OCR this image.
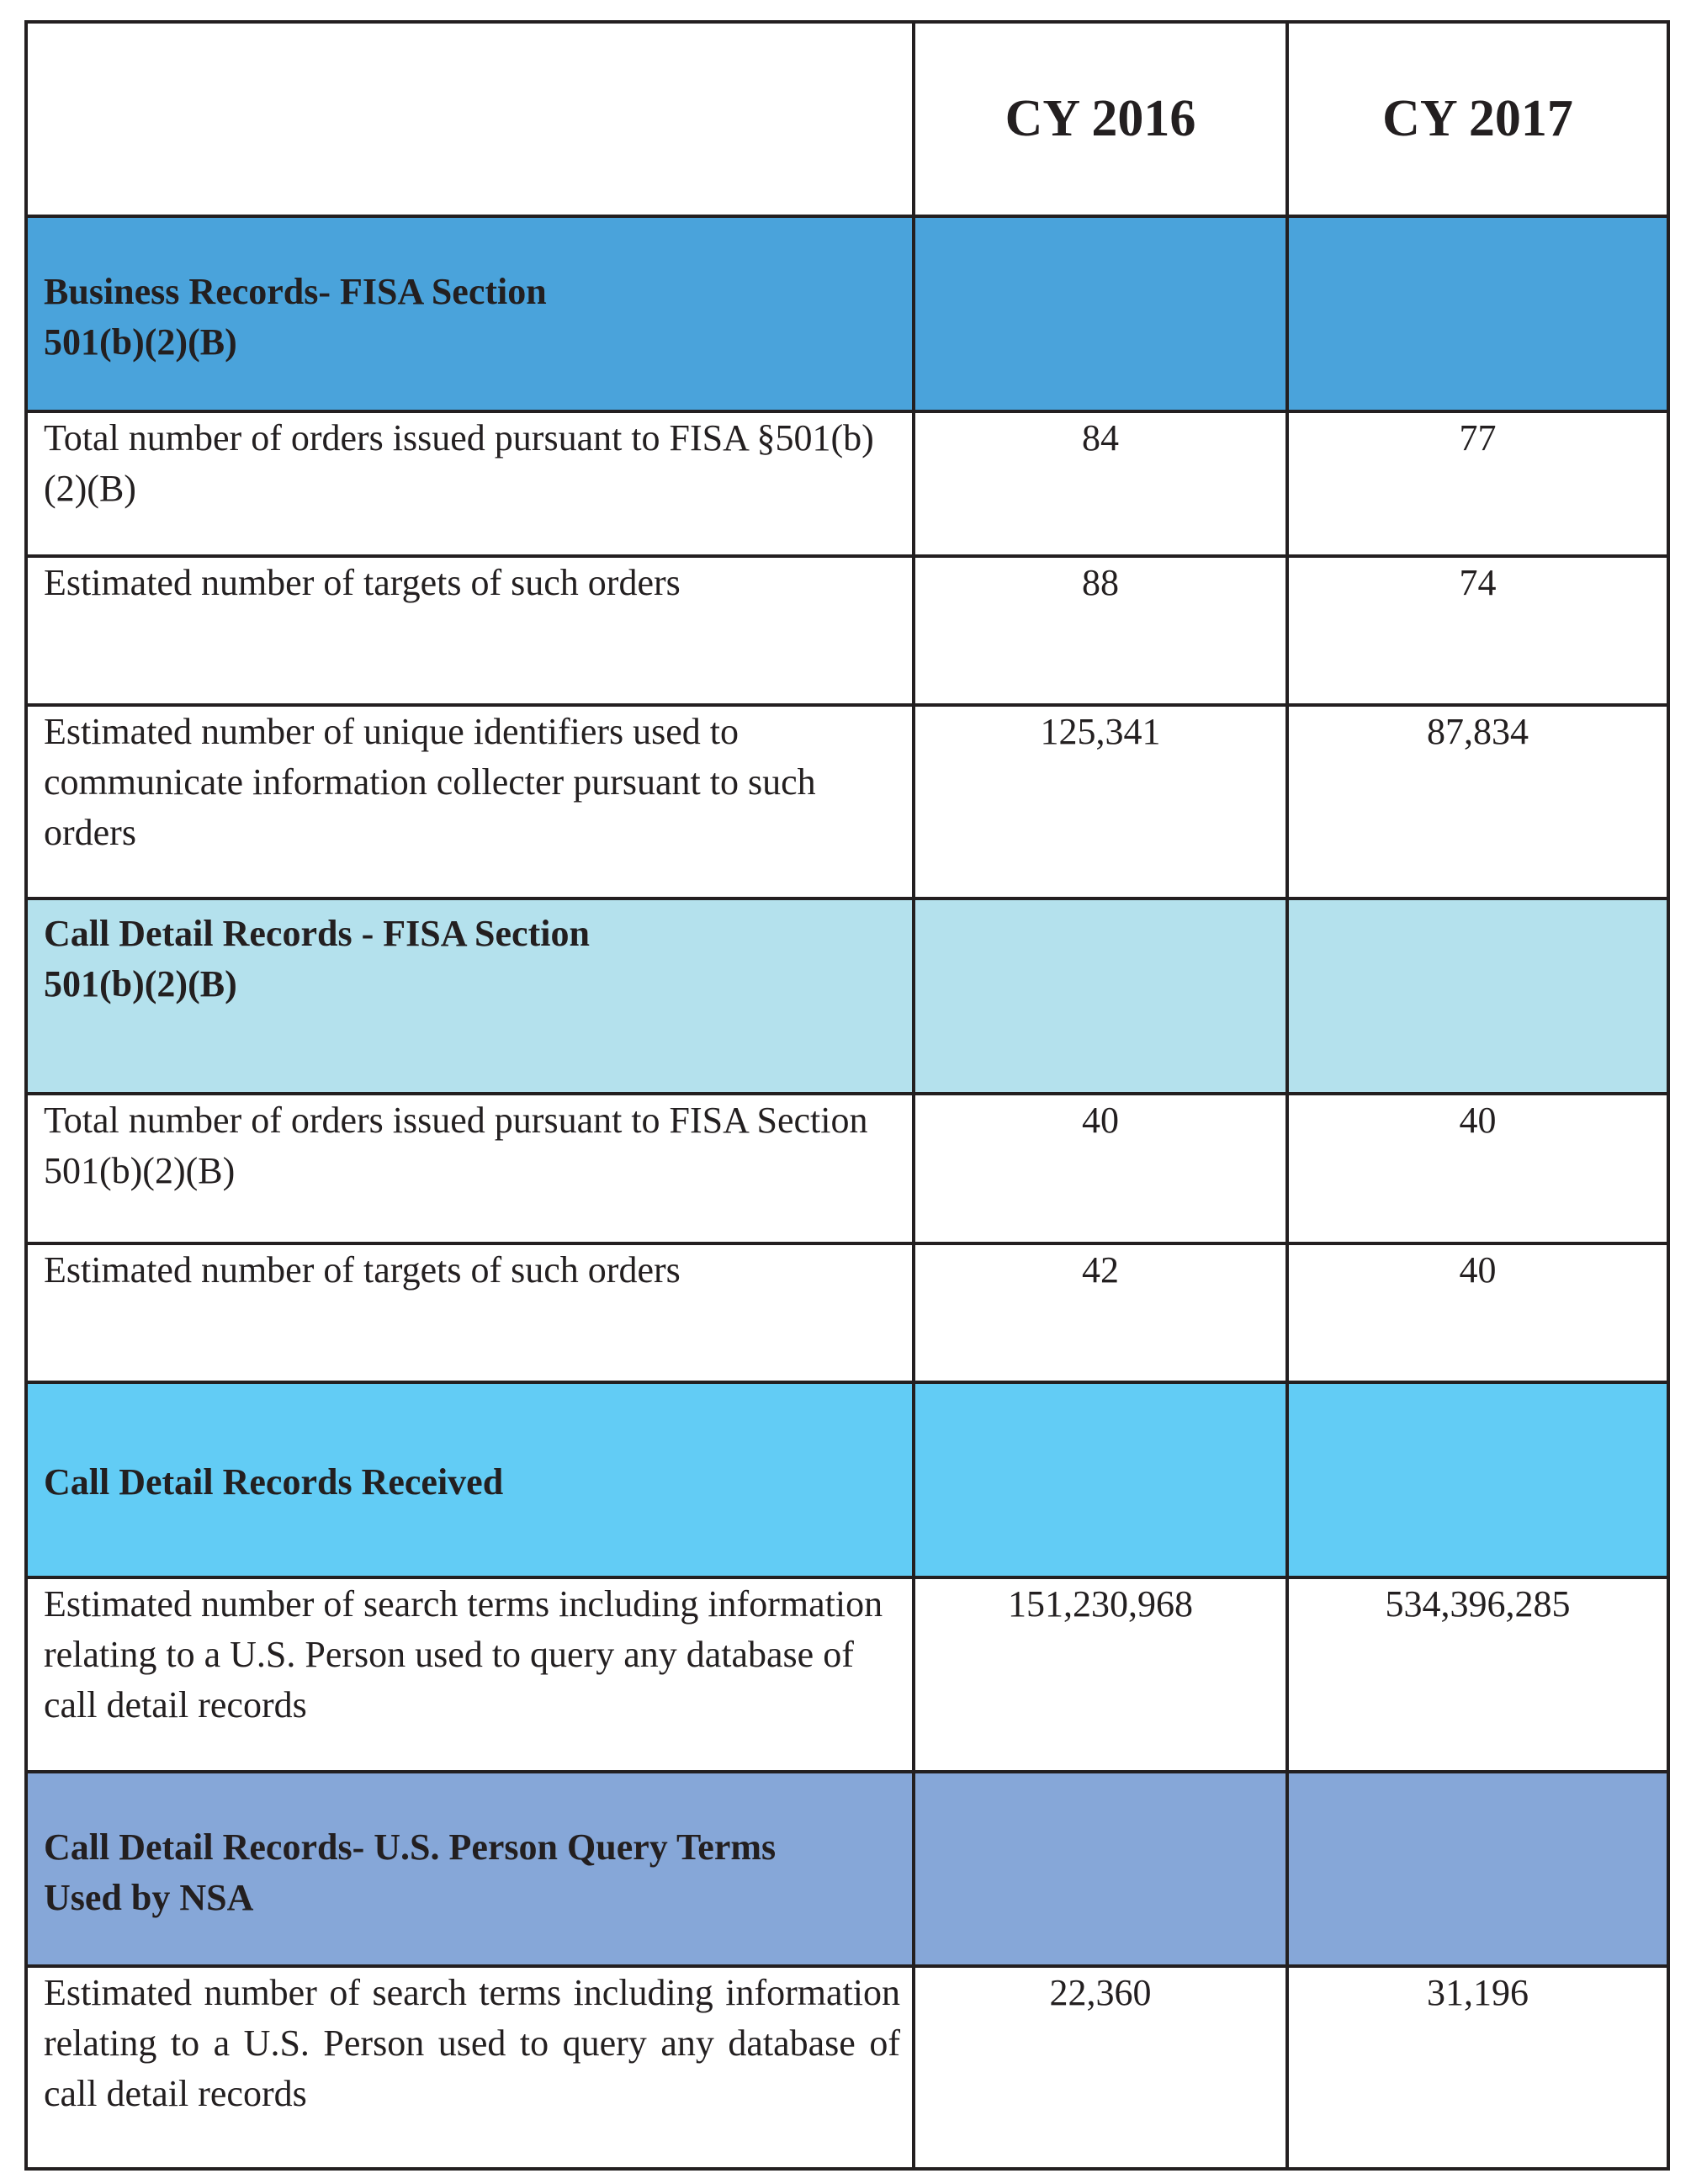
	CY 2016	CY 2017
Business Records- FISA Section
501(b)(2)(B)		
Total number of orders issued pursuant to FISA §501(b)(2)(B)	84	77
Estimated number of targets of such orders	88	74
Estimated number of unique identifiers used to communicate information collecter pursuant to such orders	125,341	87,834
Call Detail Records - FISA Section
501(b)(2)(B)		
Total number of orders issued pursuant to FISA Section 501(b)(2)(B)	40	40
Estimated number of targets of such orders	42	40
Call Detail Records Received		
Estimated number of search terms including information relating to a U.S. Person used to query any database of call detail records	151,230,968	534,396,285
Call Detail Records- U.S. Person Query Terms
Used by NSA		
Estimated number of search terms including information relating to a U.S. Person used to query any database of call detail records	22,360	31,196
